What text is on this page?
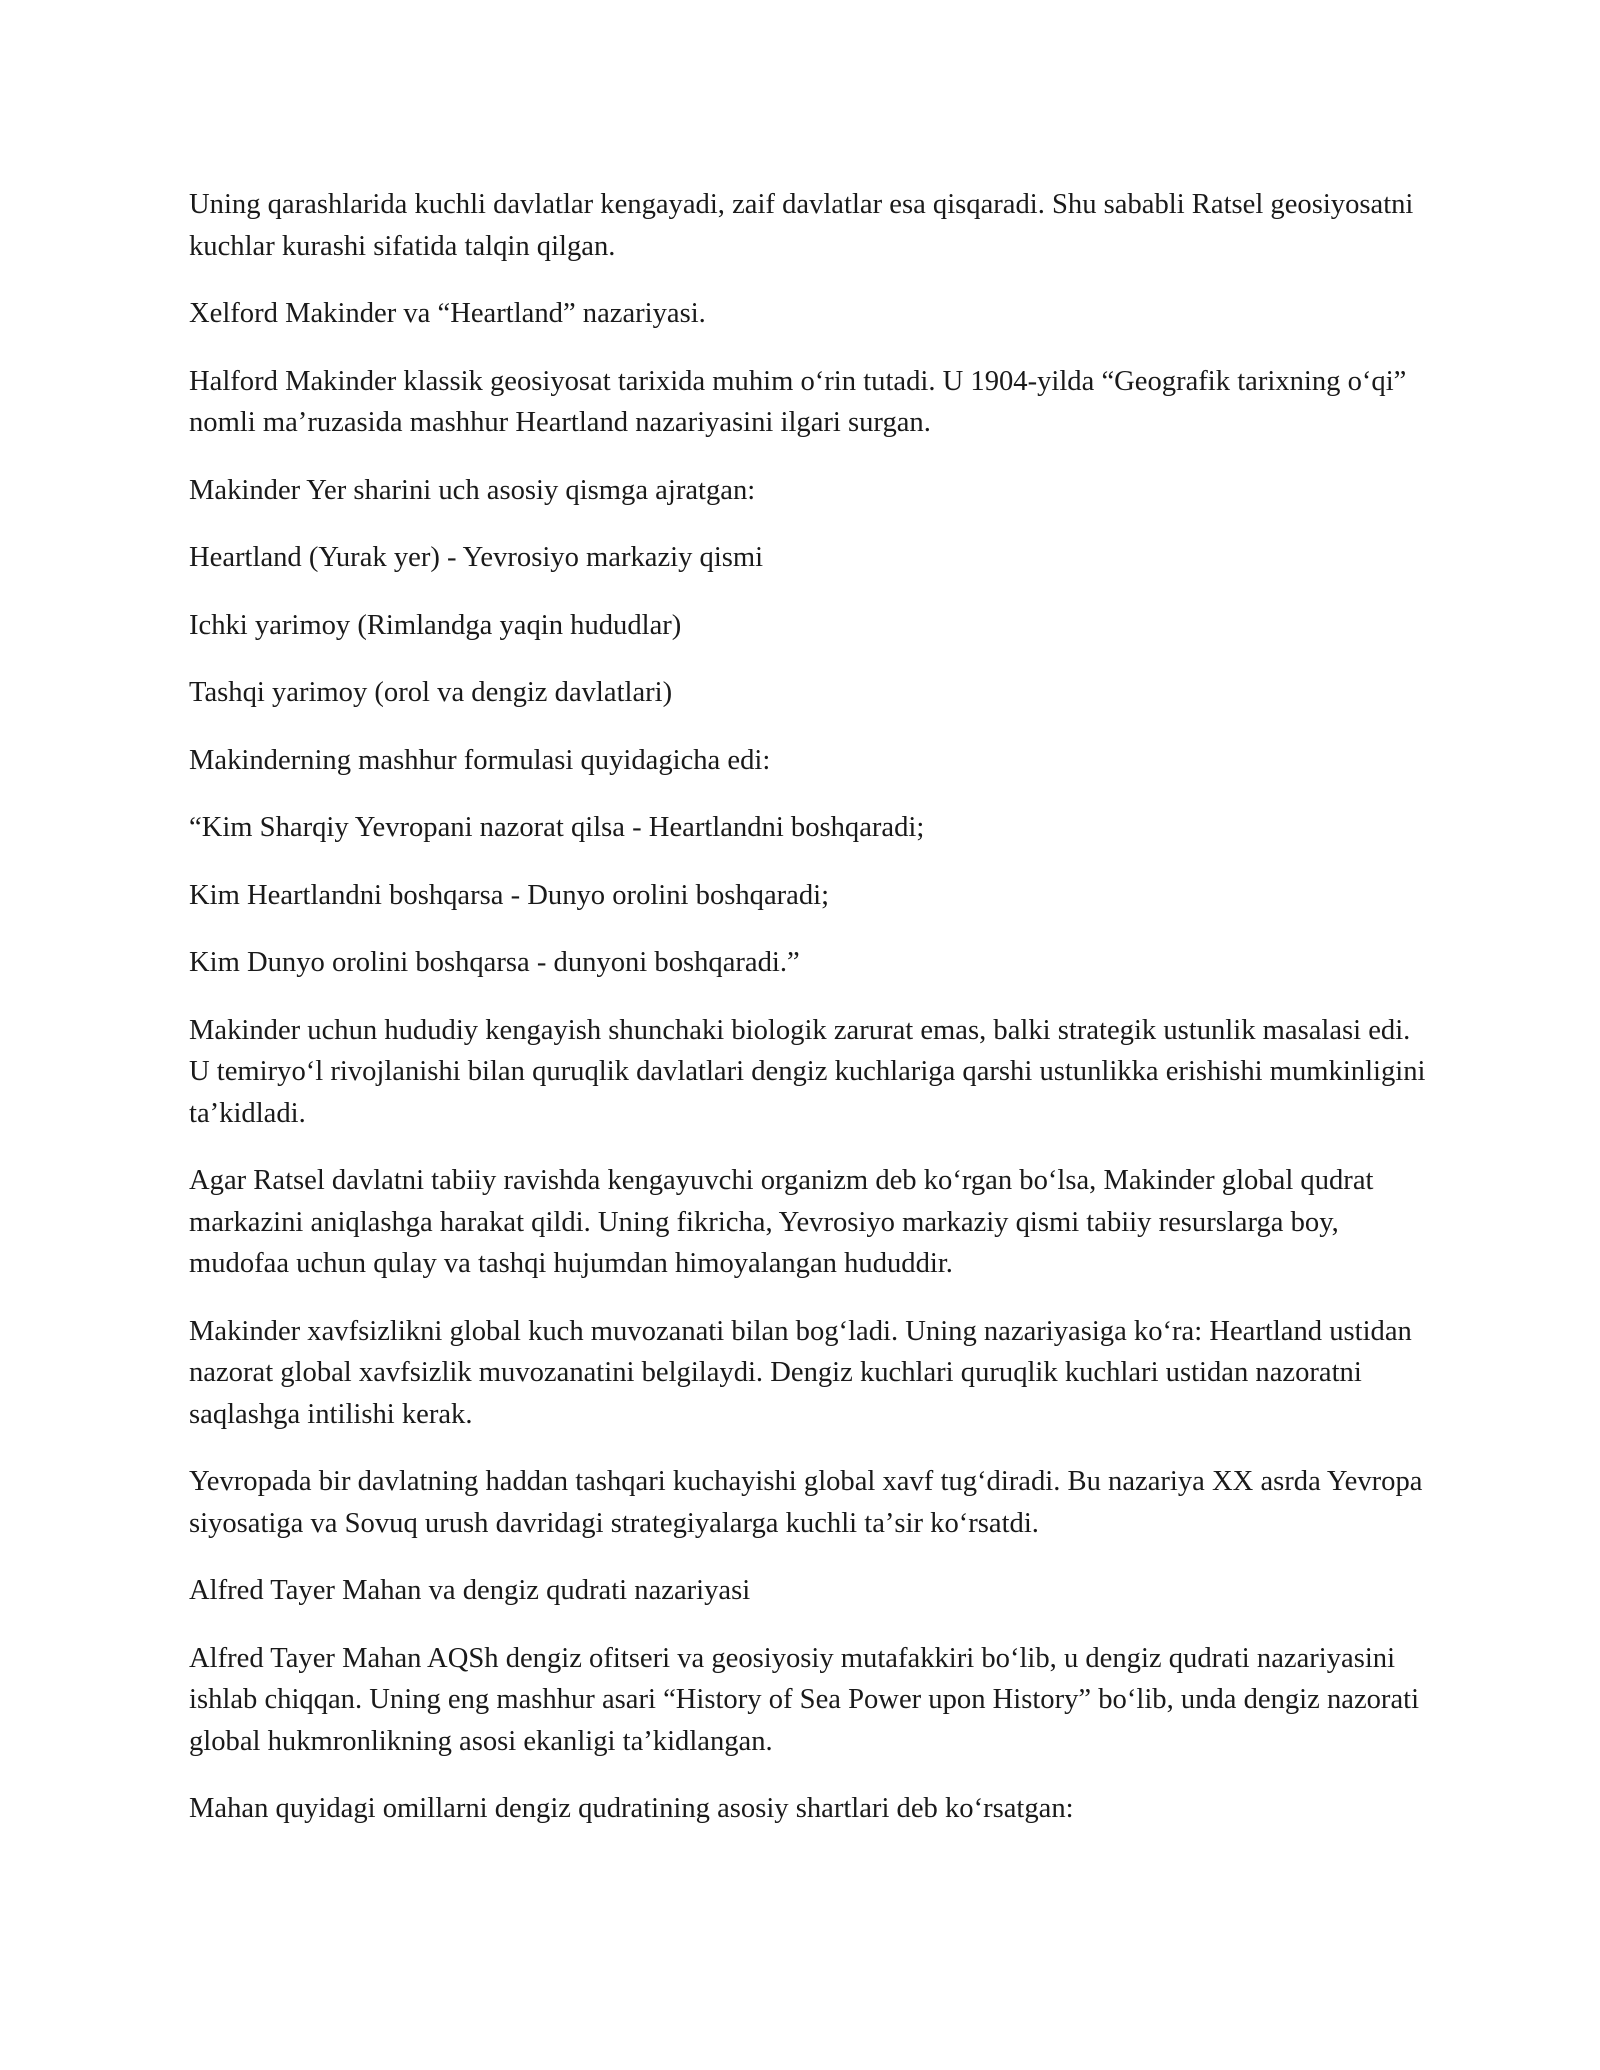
Uning qarashlarida kuchli davlatlar kengayadi, zaif davlatlar esa qisqaradi. Shu sababli Ratsel geosiyosatni kuchlar kurashi sifatida talqin qilgan.

Xelford Makinder va “Heartland” nazariyasi.

Halford Makinder klassik geosiyosat tarixida muhim oʻrin tutadi. U 1904-yilda “Geografik tarixning oʻqi” nomli maʼruzasida mashhur Heartland nazariyasini ilgari surgan.

Makinder Yer sharini uch asosiy qismga ajratgan:

Heartland (Yurak yer) - Yevrosiyo markaziy qismi

Ichki yarimoy (Rimlandga yaqin hududlar)

Tashqi yarimoy (orol va dengiz davlatlari)

Makinderning mashhur formulasi quyidagicha edi:

“Kim Sharqiy Yevropani nazorat qilsa - Heartlandni boshqaradi;

Kim Heartlandni boshqarsa - Dunyo orolini boshqaradi;

Kim Dunyo orolini boshqarsa - dunyoni boshqaradi.”

Makinder uchun hududiy kengayish shunchaki biologik zarurat emas, balki strategik ustunlik masalasi edi. U temiryoʻl rivojlanishi bilan quruqlik davlatlari dengiz kuchlariga qarshi ustunlikka erishishi mumkinligini taʼkidladi.

Agar Ratsel davlatni tabiiy ravishda kengayuvchi organizm deb koʻrgan boʻlsa, Makinder global qudrat markazini aniqlashga harakat qildi. Uning fikricha, Yevrosiyo markaziy qismi tabiiy resurslarga boy, mudofaa uchun qulay va tashqi hujumdan himoyalangan hududdir.

Makinder xavfsizlikni global kuch muvozanati bilan bogʻladi. Uning nazariyasiga koʻra: Heartland ustidan nazorat global xavfsizlik muvozanatini belgilaydi. Dengiz kuchlari quruqlik kuchlari ustidan nazoratni saqlashga intilishi kerak.

Yevropada bir davlatning haddan tashqari kuchayishi global xavf tugʻdiradi. Bu nazariya XX asrda Yevropa siyosatiga va Sovuq urush davridagi strategiyalarga kuchli taʼsir koʻrsatdi.

Alfred Tayer Mahan va dengiz qudrati nazariyasi

Alfred Tayer Mahan AQSh dengiz ofitseri va geosiyosiy mutafakkiri boʻlib, u dengiz qudrati nazariyasini ishlab chiqqan. Uning eng mashhur asari “History of Sea Power upon History” boʻlib, unda dengiz nazorati global hukmronlikning asosi ekanligi taʼkidlangan.

Mahan quyidagi omillarni dengiz qudratining asosiy shartlari deb koʻrsatgan:
